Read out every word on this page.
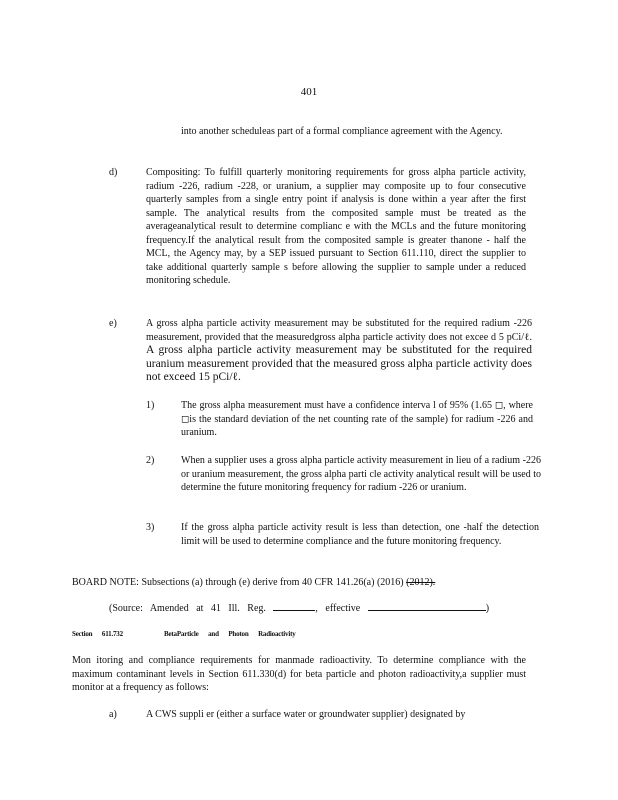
401
into another scheduleas part of a formal compliance agreement with the Agency.
d)	Compositing: To fulfill quarterly monitoring requirements for gross alpha particle activity, radium -226, radium -228, or uranium, a supplier may composite up to four consecutive quarterly samples from a single entry point if analysis is done within a year after the first sample. The analytical results from the composited sample must be treated as the averageanalytical result to determine complianc e with the MCLs and the future monitoring frequency.If the analytical result from the composited sample is greater thanone - half the MCL, the Agency may, by a SEP issued pursuant to Section 611.110, direct the supplier to take additional quarterly sample s before allowing the supplier to sample under a reduced monitoring schedule.
e)	A gross alpha particle activity measurement may be substituted for the required radium -226 measurement, provided that the measuredgross alpha particle activity does not excee d 5 pCi/ℓ. A gross alpha particle activity measurement may be substituted for the required uranium measurement provided that the measured gross alpha particle activity does not exceed 15 pCi/ℓ.
1)	The gross alpha measurement must have a confidence interva l of 95% (1.65 ◻, where ◻is the standard deviation of the net counting rate of the sample) for radium -226 and uranium.
2)	When a supplier uses a gross alpha particle activity measurement in lieu of a radium -226 or uranium measurement, the gross alpha parti cle activity analytical result will be used to determine the future monitoring frequency for radium -226 or uranium.
3)	If the gross alpha particle activity result is less than detection, one -half the detection limit will be used to determine compliance and the future monitoring frequency.
BOARD NOTE: Subsections (a) through (e) derive from 40 CFR 141.26(a) (2016) (2012).
(Source: Amended at 41 Ill. Reg.	, effective	)
Section 611.732	BetaParticle and Photon Radioactivity
Mon itoring and compliance requirements for manmade radioactivity. To determine compliance with the maximum contaminant levels in Section 611.330(d) for beta particle and photon radioactivity,a supplier must monitor at a frequency as follows:
a)	A CWS suppli er (either a surface water or groundwater supplier) designated by
